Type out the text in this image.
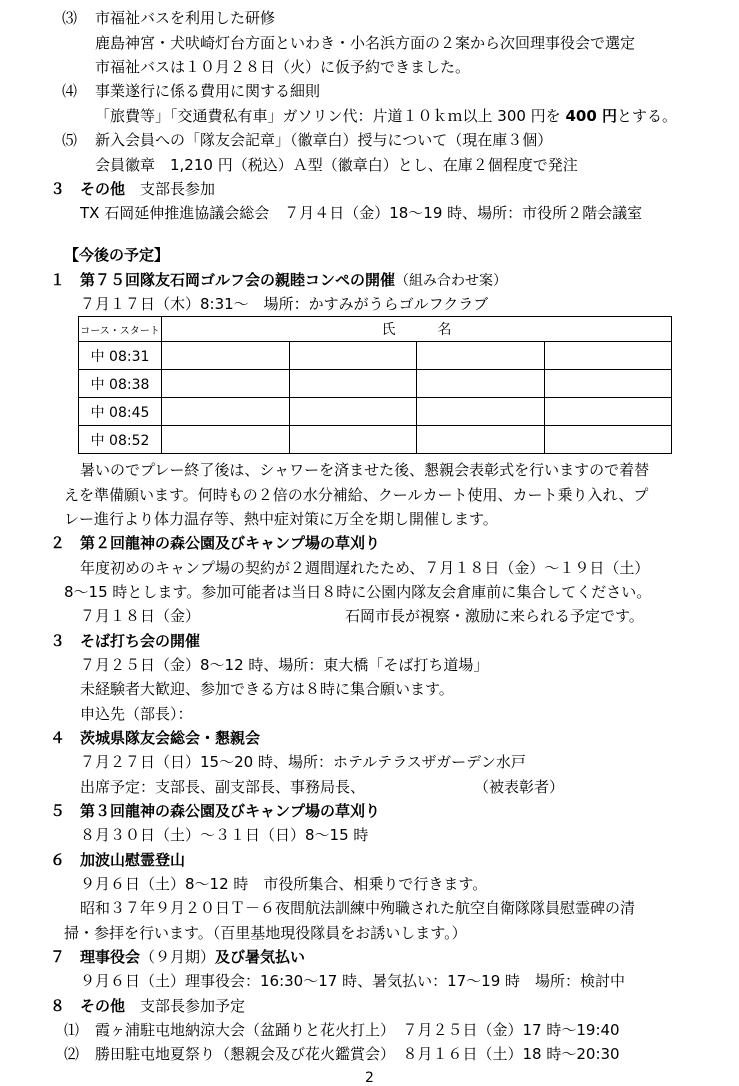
⑶ 市福祉バスを利用した研修
鹿島神宮・犬吠崎灯台方面といわき・小名浜方面の２案から次回理事役会で選定
市福祉バスは１０月２８日（火）に仮予約できました。
⑷ 事業遂行に係る費用に関する細則
「旅費等」「交通費私有車」ガソリン代：片道１０ｋｍ以上 300 円を 400 円とする。
⑸ 新入会員への「隊友会記章」（徽章白）授与について（現在庫３個）
会員徽章　1,210 円（税込）Ａ型（徽章白）とし、在庫２個程度で発注
３ その他　 支部長参加
TX 石岡延伸推進協議会総会　７月４日（金）18～19 時、場所：市役所２階会議室
【今後の予定】
１ 第７５回隊友石岡ゴルフ会の親睦コンペの開催（組み合わせ案）
７月１７日（木）8:31～　場所：かすみがうらゴルフクラブ
コース・スタート	氏　　　名			
中 08:31				
中 08:38				
中 08:45				
中 08:52				
暑いのでプレー終了後は、シャワーを済ませた後、懇親会表彰式を行いますので着替
えを準備願います。何時もの２倍の水分補給、クールカート使用、カート乗り入れ、プ
レー進行より体力温存等、熱中症対策に万全を期し開催します。
２ 第２回龍神の森公園及びキャンプ場の草刈り
年度初めのキャンプ場の契約が２週間遅れたため、７月１８日（金）～１９日（土）
8～15 時とします。参加可能者は当日８時に公園内隊友会倉庫前に集合してください。
７月１８日（金）	石岡市長が視察・激励に来られる予定です。
３ そば打ち会の開催
７月２５日（金）8～12 時、場所：東大橋「そば打ち道場」
未経験者大歓迎、参加できる方は８時に集合願います。
申込先（部長）：
４ 茨城県隊友会総会・懇親会
７月２７日（日）15～20 時、場所：ホテルテラスザガーデン水戸
出席予定：支部長、副支部長、事務局長、	（被表彰者）
５ 第３回龍神の森公園及びキャンプ場の草刈り
８月３０日（土）～３１日（日）8～15 時
６ 加波山慰霊登山
９月６日（土）8～12 時　市役所集合、相乗りで行きます。
昭和３７年９月２０日Ｔ－６夜間航法訓練中殉職された航空自衛隊隊員慰霊碑の清
掃・参拝を行います。（百里基地現役隊員をお誘いします。）
７ 理事役会（９月期）及び暑気払い
９月６日（土）理事役会：16:30～17 時、暑気払い：17～19 時　場所：検討中
８ その他　 支部長参加予定
⑴ 霞ヶ浦駐屯地納涼大会（盆踊りと花火打上）　７月２５日（金）17 時～19:40
⑵ 勝田駐屯地夏祭り（懇親会及び花火鑑賞会）　８月１６日（土）18 時～20:30
2
